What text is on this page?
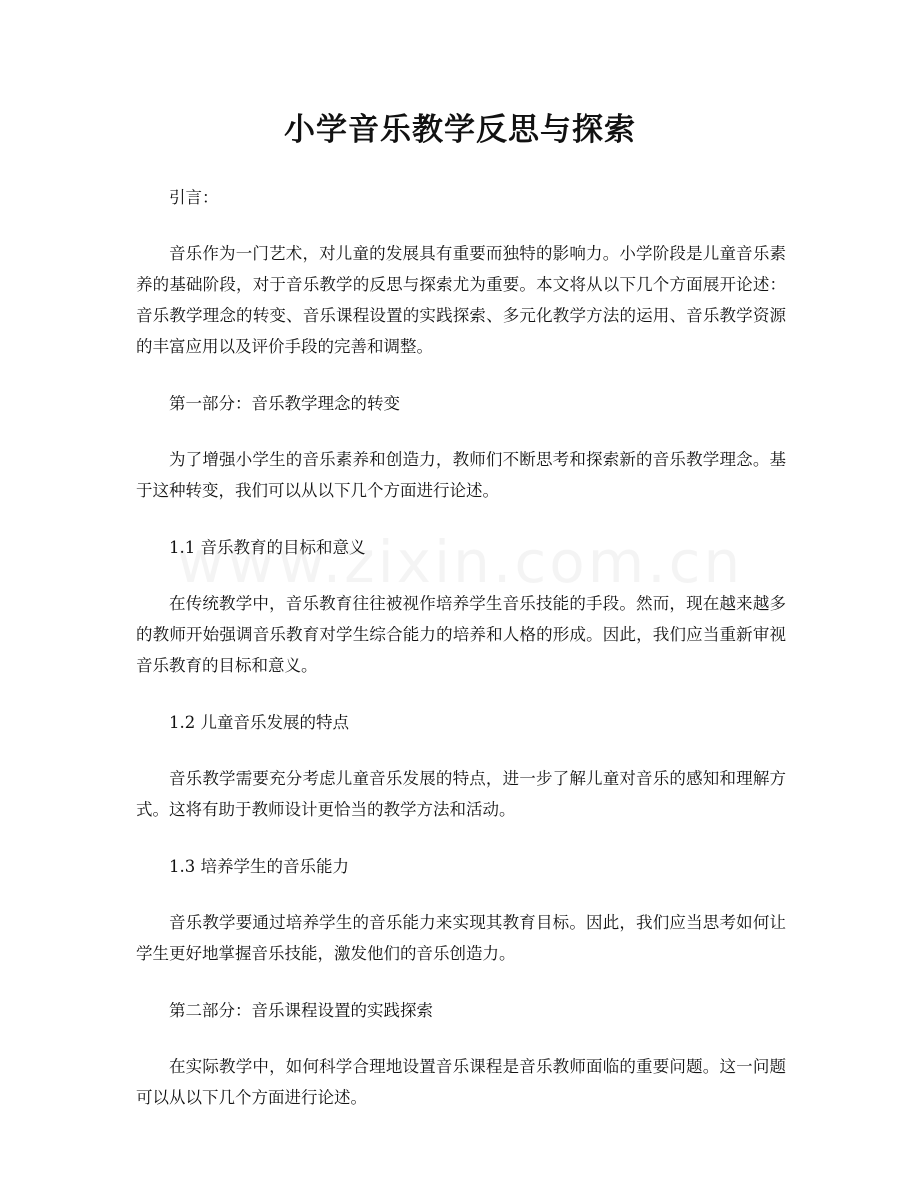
小学音乐教学反思与探索

引言：

音乐作为一门艺术，对儿童的发展具有重要而独特的影响力。小学阶段是儿童音乐素养的基础阶段，对于音乐教学的反思与探索尤为重要。本文将从以下几个方面展开论述：音乐教学理念的转变、音乐课程设置的实践探索、多元化教学方法的运用、音乐教学资源的丰富应用以及评价手段的完善和调整。

第一部分：音乐教学理念的转变

为了增强小学生的音乐素养和创造力，教师们不断思考和探索新的音乐教学理念。基于这种转变，我们可以从以下几个方面进行论述。

1.1 音乐教育的目标和意义

在传统教学中，音乐教育往往被视作培养学生音乐技能的手段。然而，现在越来越多的教师开始强调音乐教育对学生综合能力的培养和人格的形成。因此，我们应当重新审视音乐教育的目标和意义。

1.2 儿童音乐发展的特点

音乐教学需要充分考虑儿童音乐发展的特点，进一步了解儿童对音乐的感知和理解方式。这将有助于教师设计更恰当的教学方法和活动。

1.3 培养学生的音乐能力

音乐教学要通过培养学生的音乐能力来实现其教育目标。因此，我们应当思考如何让学生更好地掌握音乐技能，激发他们的音乐创造力。

第二部分：音乐课程设置的实践探索

在实际教学中，如何科学合理地设置音乐课程是音乐教师面临的重要问题。这一问题可以从以下几个方面进行论述。
